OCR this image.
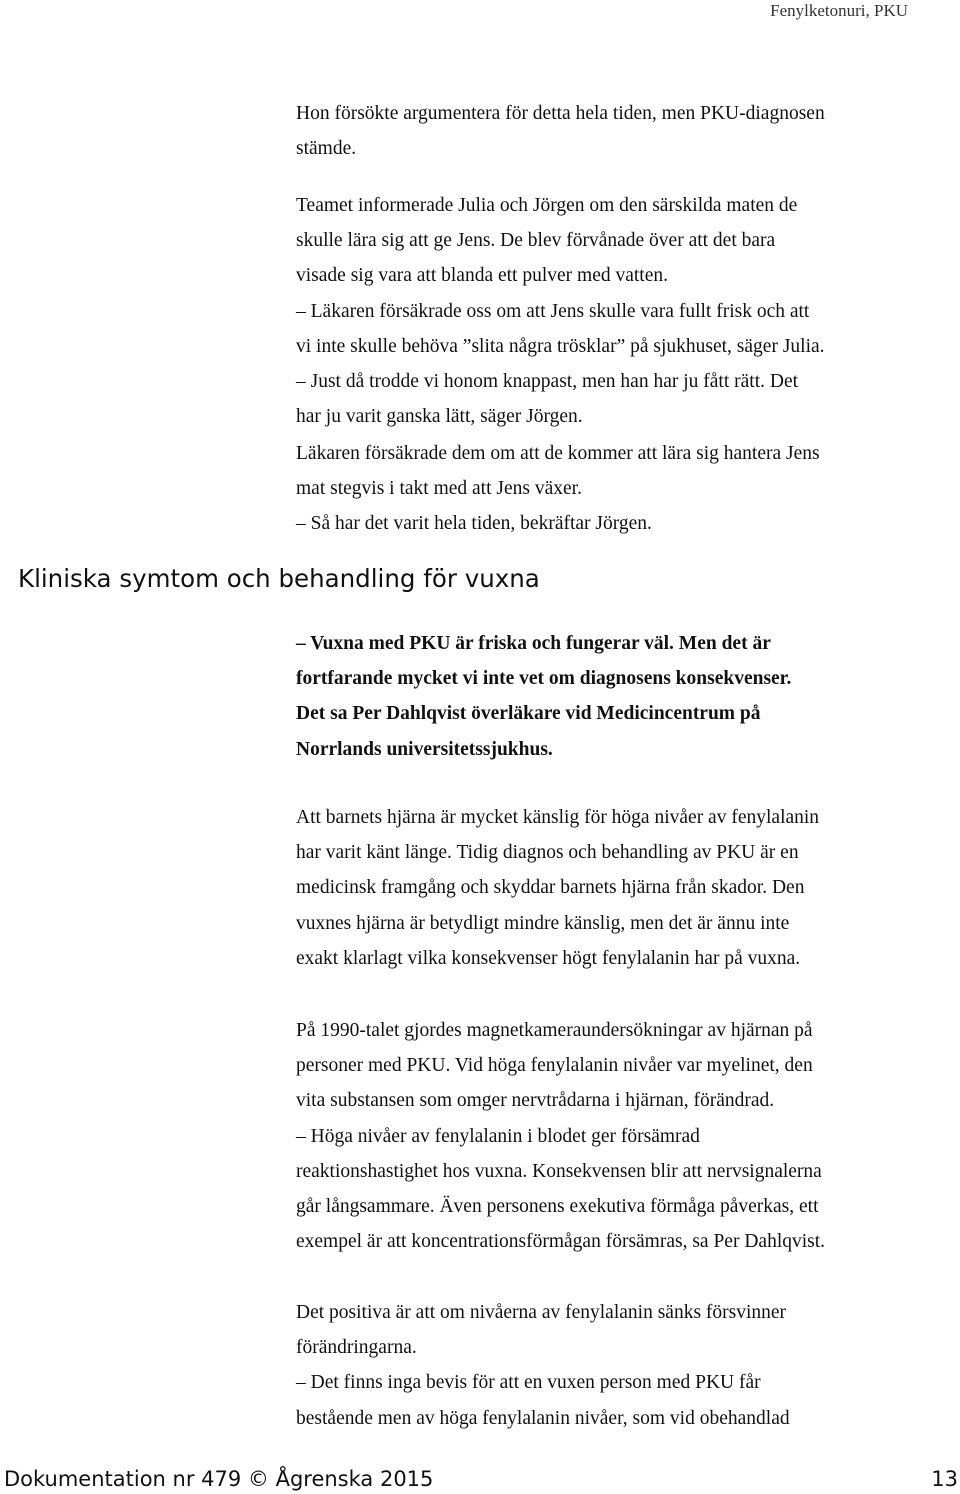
Fenylketonuri, PKU

Hon försökte argumentera för detta hela tiden, men PKU-diagnosen

stämde.

Teamet informerade Julia och Jörgen om den särskilda maten de

skulle lära sig att ge Jens. De blev förvånade över att det bara

visade sig vara att blanda ett pulver med vatten.

– Läkaren försäkrade oss om att Jens skulle vara fullt frisk och att

vi inte skulle behöva ”slita några trösklar” på sjukhuset, säger Julia.

– Just då trodde vi honom knappast, men han har ju fått rätt. Det

har ju varit ganska lätt, säger Jörgen.

Läkaren försäkrade dem om att de kommer att lära sig hantera Jens

mat stegvis i takt med att Jens växer.

– Så har det varit hela tiden, bekräftar Jörgen.

Kliniska symtom och behandling för vuxna

– Vuxna med PKU är friska och fungerar väl. Men det är

fortfarande mycket vi inte vet om diagnosens konsekvenser.

Det sa Per Dahlqvist överläkare vid Medicincentrum på

Norrlands universitetssjukhus.

Att barnets hjärna är mycket känslig för höga nivåer av fenylalanin

har varit känt länge. Tidig diagnos och behandling av PKU är en

medicinsk framgång och skyddar barnets hjärna från skador. Den

vuxnes hjärna är betydligt mindre känslig, men det är ännu inte

exakt klarlagt vilka konsekvenser högt fenylalanin har på vuxna.

På 1990-talet gjordes magnetkameraundersökningar av hjärnan på

personer med PKU. Vid höga fenylalanin nivåer var myelinet, den

vita substansen som omger nervtrådarna i hjärnan, förändrad.

– Höga nivåer av fenylalanin i blodet ger försämrad

reaktionshastighet hos vuxna. Konsekvensen blir att nervsignalerna

går långsammare. Även personens exekutiva förmåga påverkas, ett

exempel är att koncentrationsförmågan försämras, sa Per Dahlqvist.

Det positiva är att om nivåerna av fenylalanin sänks försvinner

förändringarna.

– Det finns inga bevis för att en vuxen person med PKU får

bestående men av höga fenylalanin nivåer, som vid obehandlad

Dokumentation nr 479 © Ågrenska 2015	13
